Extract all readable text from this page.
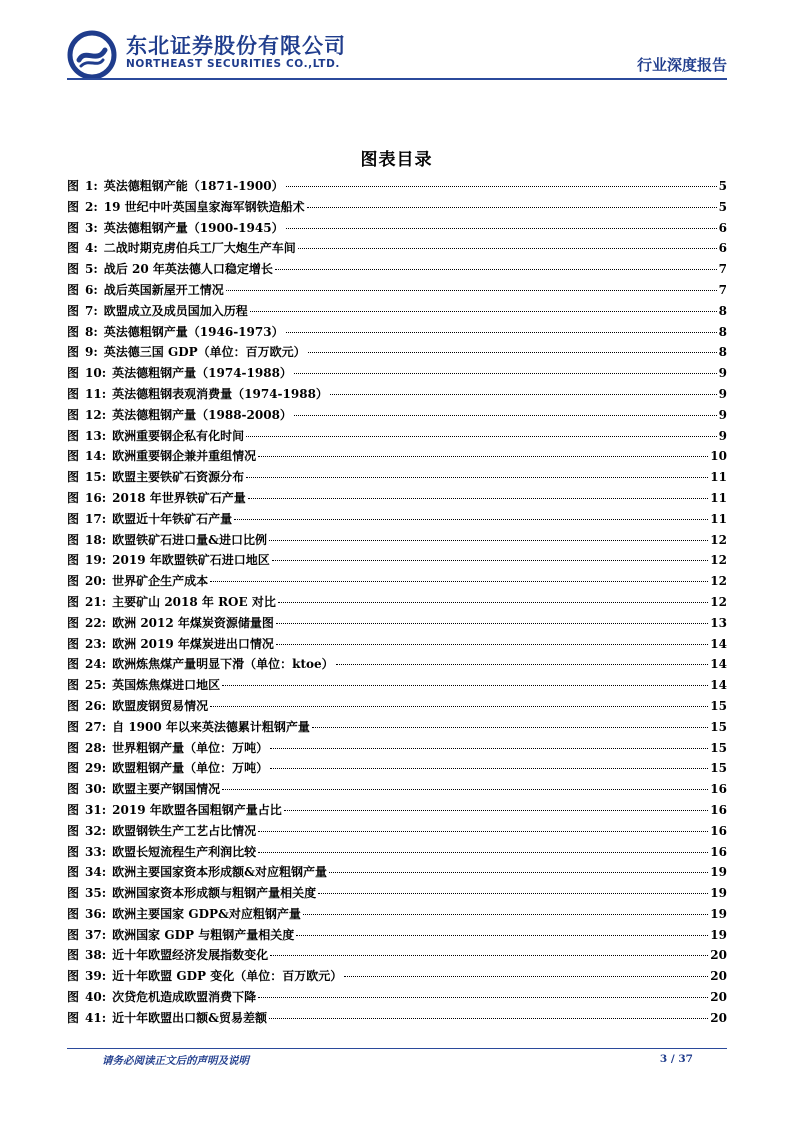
东北证券股份有限公司
NORTHEAST SECURITIES CO.,LTD.	行业深度报告
图表目录
图 1: 英法德粗钢产能（1871-1900）	5
图 2: 19 世纪中叶英国皇家海军钢铁造船术	5
图 3: 英法德粗钢产量（1900-1945）	6
图 4: 二战时期克虏伯兵工厂大炮生产车间	6
图 5: 战后 20 年英法德人口稳定增长	7
图 6: 战后英国新屋开工情况	7
图 7: 欧盟成立及成员国加入历程	8
图 8: 英法德粗钢产量（1946-1973）	8
图 9: 英法德三国 GDP（单位：百万欧元）	8
图 10: 英法德粗钢产量（1974-1988）	9
图 11: 英法德粗钢表观消费量（1974-1988）	9
图 12: 英法德粗钢产量（1988-2008）	9
图 13: 欧洲重要钢企私有化时间	9
图 14: 欧洲重要钢企兼并重组情况	10
图 15: 欧盟主要铁矿石资源分布	11
图 16: 2018 年世界铁矿石产量	11
图 17: 欧盟近十年铁矿石产量	11
图 18: 欧盟铁矿石进口量&进口比例	12
图 19: 2019 年欧盟铁矿石进口地区	12
图 20: 世界矿企生产成本	12
图 21: 主要矿山 2018 年 ROE 对比	12
图 22: 欧洲 2012 年煤炭资源储量图	13
图 23: 欧洲 2019 年煤炭进出口情况	14
图 24: 欧洲炼焦煤产量明显下滑（单位：ktoe）	14
图 25: 英国炼焦煤进口地区	14
图 26: 欧盟废钢贸易情况	15
图 27: 自 1900 年以来英法德累计粗钢产量	15
图 28: 世界粗钢产量（单位：万吨）	15
图 29: 欧盟粗钢产量（单位：万吨）	15
图 30: 欧盟主要产钢国情况	16
图 31: 2019 年欧盟各国粗钢产量占比	16
图 32: 欧盟钢铁生产工艺占比情况	16
图 33: 欧盟长短流程生产利润比较	16
图 34: 欧洲主要国家资本形成额&对应粗钢产量	19
图 35: 欧洲国家资本形成额与粗钢产量相关度	19
图 36: 欧洲主要国家 GDP&对应粗钢产量	19
图 37: 欧洲国家 GDP 与粗钢产量相关度	19
图 38: 近十年欧盟经济发展指数变化	20
图 39: 近十年欧盟 GDP 变化（单位：百万欧元）	20
图 40: 次贷危机造成欧盟消费下降	20
图 41: 近十年欧盟出口额&贸易差额	20
请务必阅读正文后的声明及说明	3 / 37
